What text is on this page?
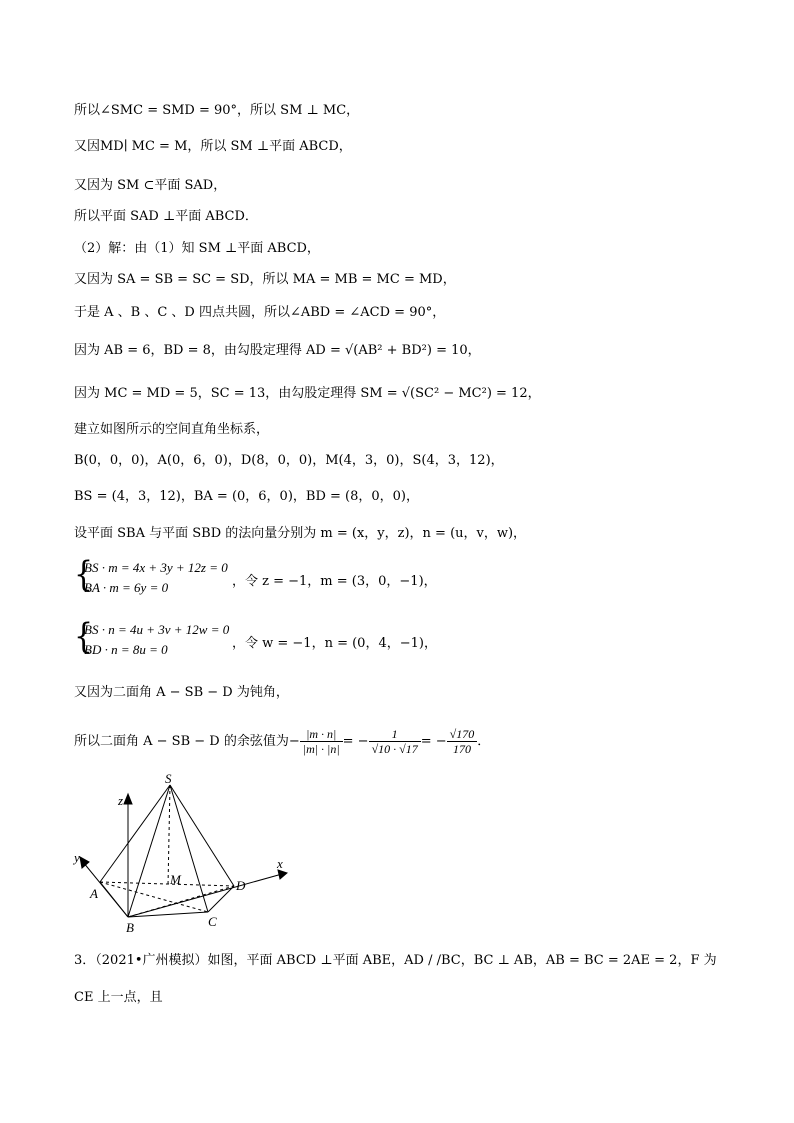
所以∠SMC = SMD = 90°，所以 SM ⊥ MC，
又因MD∣ MC = M，所以 SM ⊥平面 ABCD，
又因为 SM ⊂平面 SAD，
所以平面 SAD ⊥平面 ABCD．
（2）解：由（1）知 SM ⊥平面 ABCD，
又因为 SA = SB = SC = SD，所以 MA = MB = MC = MD，
于是 A 、B 、C 、D 四点共圆，所以∠ABD = ∠ACD = 90°，
因为 AB = 6，BD = 8，由勾股定理得 AD = √(AB² + BD²) = 10，
因为 MC = MD = 5，SC = 13，由勾股定理得 SM = √(SC² − MC²) = 12，
建立如图所示的空间直角坐标系，
B(0，0，0)，A(0，6，0)，D(8，0，0)，M(4，3，0)，S(4，3，12)，
BS = (4，3，12)，BA = (0，6，0)，BD = (8，0，0)，
设平面 SBA 与平面 SBD 的法向量分别为 m = (x，y，z)，n = (u，v，w)，
{
BS · m = 4x + 3y + 12z = 0
BA · m = 6y = 0	，令 z = −1，m = (3，0，−1)，
{
BS · n = 4u + 3v + 12w = 0
BD · n = 8u = 0	，令 w = −1，n = (0，4，−1)，
又因为二面角 A − SB − D 为钝角，
所以二面角 A − SB − D 的余弦值为− $\frac{|m \cdot n|}{|m| \cdot |n|}$ = − $\frac{1}{√10 \cdot √17}$ = − $\frac{√170}{170}$ ．
S
z
y	x
A
M	D
B	C
3．（2021•广州模拟）如图，平面 ABCD ⊥平面 ABE，AD / /BC，BC ⊥ AB，AB = BC = 2AE = 2，F 为
CE 上一点，且
